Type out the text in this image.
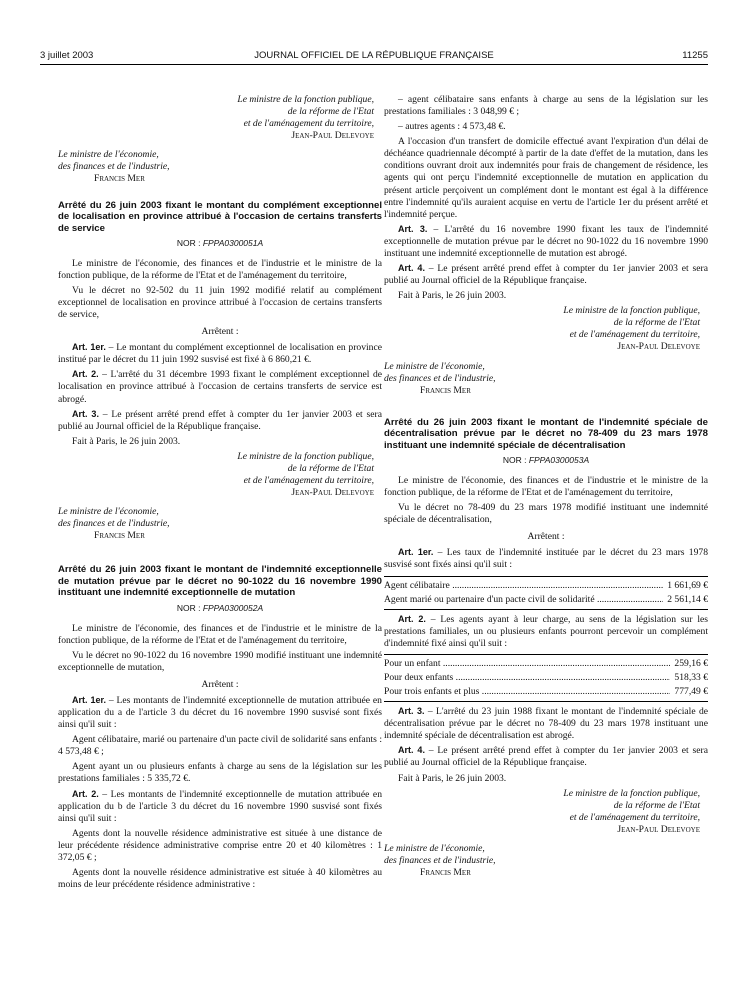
3 juillet 2003	JOURNAL OFFICIEL DE LA RÉPUBLIQUE FRANÇAISE	11255
Le ministre de la fonction publique,
de la réforme de l'Etat
et de l'aménagement du territoire,
Jean-Paul Delevoye
Le ministre de l'économie,
des finances et de l'industrie,
Francis Mer
Arrêté du 26 juin 2003 fixant le montant du complément exceptionnel de localisation en province attribué à l'occasion de certains transferts de service
NOR : FPPA0300051A

Le ministre de l'économie, des finances et de l'industrie et le ministre de la fonction publique, de la réforme de l'Etat et de l'aménagement du territoire,

Vu le décret no 92-502 du 11 juin 1992 modifié relatif au complément exceptionnel de localisation en province attribué à l'occasion de certains transferts de service,

Arrêtent :

Art. 1er. – Le montant du complément exceptionnel de localisation en province institué par le décret du 11 juin 1992 susvisé est fixé à 6 860,21 €.

Art. 2. – L'arrêté du 31 décembre 1993 fixant le complément exceptionnel de localisation en province attribué à l'occasion de certains transferts de service est abrogé.

Art. 3. – Le présent arrêté prend effet à compter du 1er janvier 2003 et sera publié au Journal officiel de la République française.

Fait à Paris, le 26 juin 2003.

Le ministre de la fonction publique,
de la réforme de l'Etat
et de l'aménagement du territoire,
Jean-Paul Delevoye
Le ministre de l'économie,
des finances et de l'industrie,
Francis Mer
Arrêté du 26 juin 2003 fixant le montant de l'indemnité exceptionnelle de mutation prévue par le décret no 90-1022 du 16 novembre 1990 instituant une indemnité exceptionnelle de mutation
NOR : FPPA0300052A

Le ministre de l'économie, des finances et de l'industrie et le ministre de la fonction publique, de la réforme de l'Etat et de l'aménagement du territoire,

Vu le décret no 90-1022 du 16 novembre 1990 modifié instituant une indemnité exceptionnelle de mutation,

Arrêtent :

Art. 1er. – Les montants de l'indemnité exceptionnelle de mutation attribuée en application du a de l'article 3 du décret du 16 novembre 1990 susvisé sont fixés ainsi qu'il suit :

Agent célibataire, marié ou partenaire d'un pacte civil de solidarité sans enfants : 4 573,48 € ;

Agent ayant un ou plusieurs enfants à charge au sens de la législation sur les prestations familiales : 5 335,72 €.

Art. 2. – Les montants de l'indemnité exceptionnelle de mutation attribuée en application du b de l'article 3 du décret du 16 novembre 1990 susvisé sont fixés ainsi qu'il suit :

Agents dont la nouvelle résidence administrative est située à une distance de leur précédente résidence administrative comprise entre 20 et 40 kilomètres : 1 372,05 € ;

Agents dont la nouvelle résidence administrative est située à 40 kilomètres au moins de leur précédente résidence administrative :

– agent célibataire sans enfants à charge au sens de la législation sur les prestations familiales : 3 048,99 € ;

– autres agents : 4 573,48 €.

A l'occasion d'un transfert de domicile effectué avant l'expiration d'un délai de déchéance quadriennale décompté à partir de la date d'effet de la mutation, dans les conditions ouvrant droit aux indemnités pour frais de changement de résidence, les agents qui ont perçu l'indemnité exceptionnelle de mutation en application du présent article perçoivent un complément dont le montant est égal à la différence entre l'indemnité qu'ils auraient acquise en vertu de l'article 1er du présent arrêté et l'indemnité perçue.

Art. 3. – L'arrêté du 16 novembre 1990 fixant les taux de l'indemnité exceptionnelle de mutation prévue par le décret no 90-1022 du 16 novembre 1990 instituant une indemnité exceptionnelle de mutation est abrogé.

Art. 4. – Le présent arrêté prend effet à compter du 1er janvier 2003 et sera publié au Journal officiel de la République française.

Fait à Paris, le 26 juin 2003.

Le ministre de la fonction publique,
de la réforme de l'Etat
et de l'aménagement du territoire,
Jean-Paul Delevoye
Le ministre de l'économie,
des finances et de l'industrie,
Francis Mer
Arrêté du 26 juin 2003 fixant le montant de l'indemnité spéciale de décentralisation prévue par le décret no 78-409 du 23 mars 1978 instituant une indemnité spéciale de décentralisation
NOR : FPPA0300053A

Le ministre de l'économie, des finances et de l'industrie et le ministre de la fonction publique, de la réforme de l'Etat et de l'aménagement du territoire,

Vu le décret no 78-409 du 23 mars 1978 modifié instituant une indemnité spéciale de décentralisation,

Arrêtent :

Art. 1er. – Les taux de l'indemnité instituée par le décret du 23 mars 1978 susvisé sont fixés ainsi qu'il suit :

Agent célibataire .....	1 661,69 €
Agent marié ou partenaire d'un pacte civil de solidarité .....	2 561,14 €

Art. 2. – Les agents ayant à leur charge, au sens de la législation sur les prestations familiales, un ou plusieurs enfants pourront percevoir un complément d'indemnité fixé ainsi qu'il suit :

Pour un enfant .....	259,16 €
Pour deux enfants .....	518,33 €
Pour trois enfants et plus .....	777,49 €

Art. 3. – L'arrêté du 23 juin 1988 fixant le montant de l'indemnité spéciale de décentralisation prévue par le décret no 78-409 du 23 mars 1978 instituant une indemnité spéciale de décentralisation est abrogé.

Art. 4. – Le présent arrêté prend effet à compter du 1er janvier 2003 et sera publié au Journal officiel de la République française.

Fait à Paris, le 26 juin 2003.

Le ministre de la fonction publique,
de la réforme de l'Etat
et de l'aménagement du territoire,
Jean-Paul Delevoye
Le ministre de l'économie,
des finances et de l'industrie,
Francis Mer
